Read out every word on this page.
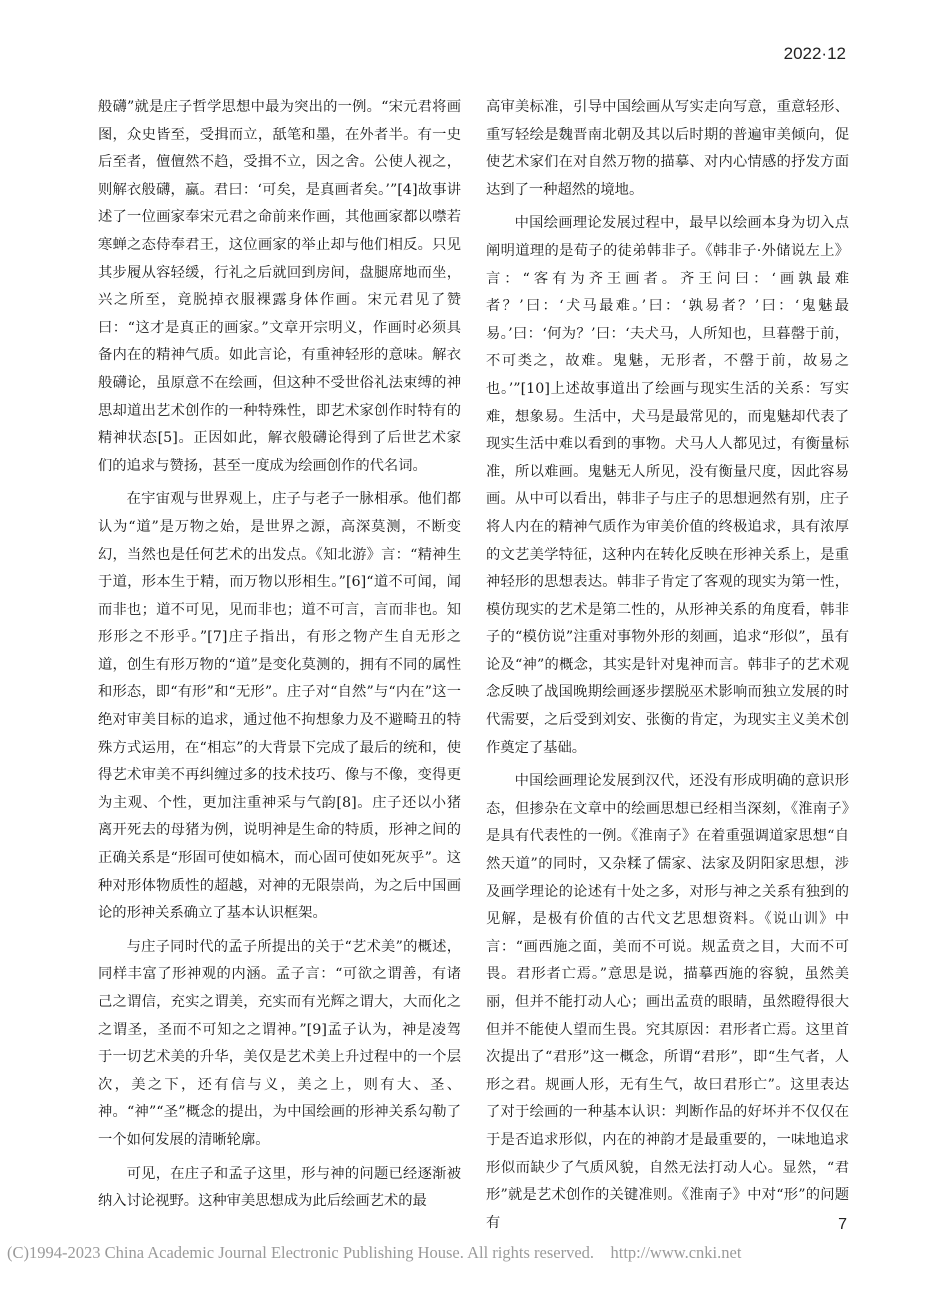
2022·12

般礴”就是庄子哲学思想中最为突出的一例。“宋元君将画图，众史皆至，受揖而立，舐笔和墨，在外者半。有一史后至者，儃儃然不趋，受揖不立，因之舍。公使人视之，则解衣般礴，蠃。君曰：‘可矣，是真画者矣。’”[4]故事讲述了一位画家奉宋元君之命前来作画，其他画家都以噤若寒蝉之态侍奉君王，这位画家的举止却与他们相反。只见其步履从容轻缓，行礼之后就回到房间，盘腿席地而坐，兴之所至，竟脱掉衣服裸露身体作画。宋元君见了赞曰：“这才是真正的画家。”文章开宗明义，作画时必须具备内在的精神气质。如此言论，有重神轻形的意味。解衣般礴论，虽原意不在绘画，但这种不受世俗礼法束缚的神思却道出艺术创作的一种特殊性，即艺术家创作时特有的精神状态[5]。正因如此，解衣般礴论得到了后世艺术家们的追求与赞扬，甚至一度成为绘画创作的代名词。

在宇宙观与世界观上，庄子与老子一脉相承。他们都认为“道”是万物之始，是世界之源，高深莫测，不断变幻，当然也是任何艺术的出发点。《知北游》言：“精神生于道，形本生于精，而万物以形相生。”[6]“道不可闻，闻而非也；道不可见，见而非也；道不可言，言而非也。知形形之不形乎。”[7]庄子指出，有形之物产生自无形之道，创生有形万物的“道”是变化莫测的，拥有不同的属性和形态，即“有形”和“无形”。庄子对“自然”与“内在”这一绝对审美目标的追求，通过他不拘想象力及不避畸丑的特殊方式运用，在“相忘”的大背景下完成了最后的统和，使得艺术审美不再纠缠过多的技术技巧、像与不像，变得更为主观、个性，更加注重神采与气韵[8]。庄子还以小猪离开死去的母猪为例，说明神是生命的特质，形神之间的正确关系是“形固可使如槁木，而心固可使如死灰乎”。这种对形体物质性的超越，对神的无限崇尚，为之后中国画论的形神关系确立了基本认识框架。

与庄子同时代的孟子所提出的关于“艺术美”的概述，同样丰富了形神观的内涵。孟子言：“可欲之谓善，有诸己之谓信，充实之谓美，充实而有光辉之谓大，大而化之之谓圣，圣而不可知之之谓神。”[9]孟子认为，神是凌驾于一切艺术美的升华，美仅是艺术美上升过程中的一个层次，美之下，还有信与义，美之上，则有大、圣、神。“神”“圣”概念的提出，为中国绘画的形神关系勾勒了一个如何发展的清晰轮廓。

可见，在庄子和孟子这里，形与神的问题已经逐渐被纳入讨论视野。这种审美思想成为此后绘画艺术的最

高审美标准，引导中国绘画从写实走向写意，重意轻形、重写轻绘是魏晋南北朝及其以后时期的普遍审美倾向，促使艺术家们在对自然万物的描摹、对内心情感的抒发方面达到了一种超然的境地。

中国绘画理论发展过程中，最早以绘画本身为切入点阐明道理的是荀子的徒弟韩非子。《韩非子·外储说左上》言：“客有为齐王画者。齐王问曰：‘画孰最难者？’曰：‘犬马最难。’曰：‘孰易者？’曰：‘鬼魅最易。’曰：‘何为？’曰：‘夫犬马，人所知也，旦暮罄于前，不可类之，故难。鬼魅，无形者，不罄于前，故易之也。’”[10]上述故事道出了绘画与现实生活的关系：写实难，想象易。生活中，犬马是最常见的，而鬼魅却代表了现实生活中难以看到的事物。犬马人人都见过，有衡量标准，所以难画。鬼魅无人所见，没有衡量尺度，因此容易画。从中可以看出，韩非子与庄子的思想迥然有别，庄子将人内在的精神气质作为审美价值的终极追求，具有浓厚的文艺美学特征，这种内在转化反映在形神关系上，是重神轻形的思想表达。韩非子肯定了客观的现实为第一性，模仿现实的艺术是第二性的，从形神关系的角度看，韩非子的“模仿说”注重对事物外形的刻画，追求“形似”，虽有论及“神”的概念，其实是针对鬼神而言。韩非子的艺术观念反映了战国晚期绘画逐步摆脱巫术影响而独立发展的时代需要，之后受到刘安、张衡的肯定，为现实主义美术创作奠定了基础。

中国绘画理论发展到汉代，还没有形成明确的意识形态，但掺杂在文章中的绘画思想已经相当深刻，《淮南子》是具有代表性的一例。《淮南子》在着重强调道家思想“自然天道”的同时，又杂糅了儒家、法家及阴阳家思想，涉及画学理论的论述有十处之多，对形与神之关系有独到的见解，是极有价值的古代文艺思想资料。《说山训》中言：“画西施之面，美而不可说。规孟贲之目，大而不可畏。君形者亡焉。”意思是说，描摹西施的容貌，虽然美丽，但并不能打动人心；画出孟贲的眼睛，虽然瞪得很大但并不能使人望而生畏。究其原因：君形者亡焉。这里首次提出了“君形”这一概念，所谓“君形”，即“生气者，人形之君。规画人形，无有生气，故曰君形亡”。这里表达了对于绘画的一种基本认识：判断作品的好坏并不仅仅在于是否追求形似，内在的神韵才是最重要的，一味地追求形似而缺少了气质风貌，自然无法打动人心。显然，“君形”就是艺术创作的关键准则。《淮南子》中对“形”的问题有	7
(C)1994-2023 China Academic Journal Electronic Publishing House. All rights reserved.    http://www.cnki.net
